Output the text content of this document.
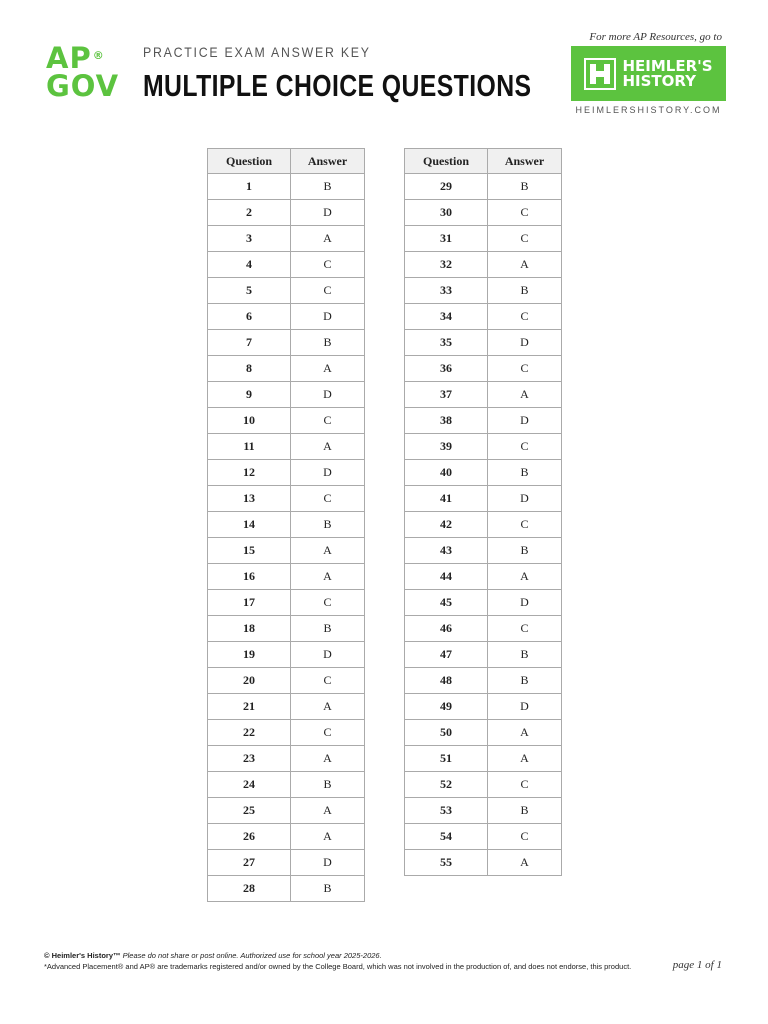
AP®
GOV
PRACTICE EXAM ANSWER KEY
MULTIPLE CHOICE QUESTIONS
For more AP Resources, go to
HEIMLER'S
HISTORY
HEIMLERSHISTORY.COM
Question	Answer
1	B
2	D
3	A
4	C
5	C
6	D
7	B
8	A
9	D
10	C
11	A
12	D
13	C
14	B
15	A
16	A
17	C
18	B
19	D
20	C
21	A
22	C
23	A
24	B
25	A
26	A
27	D
28	B
Question	Answer
29	B
30	C
31	C
32	A
33	B
34	C
35	D
36	C
37	A
38	D
39	C
40	B
41	D
42	C
43	B
44	A
45	D
46	C
47	B
48	B
49	D
50	A
51	A
52	C
53	B
54	C
55	A
© Heimler's History™ Please do not share or post online. Authorized use for school year 2025-2026.
*Advanced Placement® and AP® are trademarks registered and/or owned by the College Board, which was not involved in the production of, and does not endorse, this product.	page 1 of 1
